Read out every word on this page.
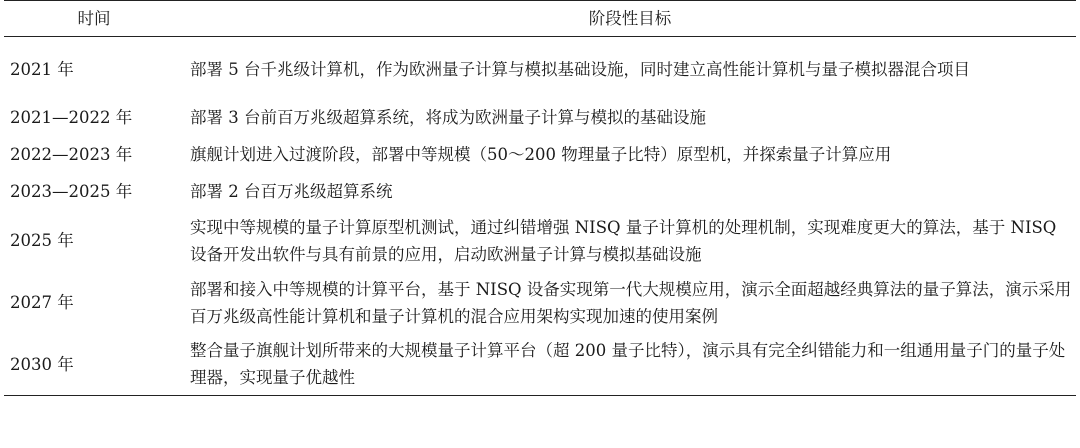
时间	阶段性目标
2021 年	部署 5 台千兆级计算机，作为欧洲量子计算与模拟基础设施，同时建立高性能计算机与量子模拟器混合项目
2021—2022 年	部署 3 台前百万兆级超算系统，将成为欧洲量子计算与模拟的基础设施
2022—2023 年	旗舰计划进入过渡阶段，部署中等规模（50～200 物理量子比特）原型机，并探索量子计算应用
2023—2025 年	部署 2 台百万兆级超算系统
2025 年	实现中等规模的量子计算原型机测试，通过纠错增强 NISQ 量子计算机的处理机制，实现难度更大的算法，基于 NISQ 设备开发出软件与具有前景的应用，启动欧洲量子计算与模拟基础设施
2027 年	部署和接入中等规模的计算平台，基于 NISQ 设备实现第一代大规模应用，演示全面超越经典算法的量子算法，演示采用百万兆级高性能计算机和量子计算机的混合应用架构实现加速的使用案例
2030 年	整合量子旗舰计划所带来的大规模量子计算平台（超 200 量子比特），演示具有完全纠错能力和一组通用量子门的量子处理器，实现量子优越性
